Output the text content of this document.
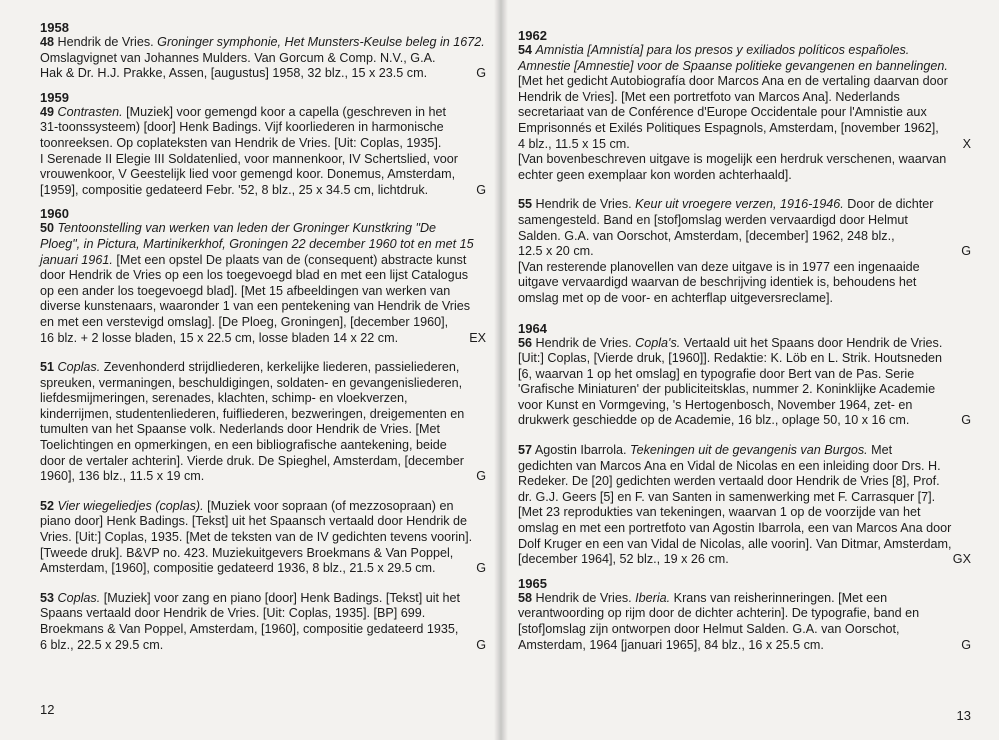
1958

48 Hendrik de Vries. Groninger symphonie, Het Munsters-Keulse beleg in 1672. Omslagvignet van Johannes Mulders. Van Gorcum & Comp. N.V., G.A.
Hak & Dr. H.J. Prakke, Assen, [augustus] 1958, 32 blz., 15 x 23.5 cm.	G

1959

49 Contrasten. [Muziek] voor gemengd koor a capella (geschreven in het
31-toonssysteem) [door] Henk Badings. Vijf koorliederen in harmonische
toonreeksen. Op coplateksten van Hendrik de Vries. [Uit: Coplas, 1935].
I Serenade II Elegie III Soldatenlied, voor mannenkoor, IV Schertslied, voor
vrouwenkoor, V Geestelijk lied voor gemengd koor. Donemus, Amsterdam,
[1959], compositie gedateerd Febr. '52, 8 blz., 25 x 34.5 cm, lichtdruk.	G

1960

50 Tentoonstelling van werken van leden der Groninger Kunstkring "De
Ploeg", in Pictura, Martinikerkhof, Groningen 22 december 1960 tot en met 15
januari 1961. [Met een opstel De plaats van de (consequent) abstracte kunst
door Hendrik de Vries op een los toegevoegd blad en met een lijst Catalogus
op een ander los toegevoegd blad]. [Met 15 afbeeldingen van werken van
diverse kunstenaars, waaronder 1 van een pentekening van Hendrik de Vries
en met een verstevigd omslag]. [De Ploeg, Groningen], [december 1960],
16 blz. + 2 losse bladen, 15 x 22.5 cm, losse bladen 14 x 22 cm.	EX
51 Coplas. Zevenhonderd strijdliederen, kerkelijke liederen, passieliederen,
spreuken, vermaningen, beschuldigingen, soldaten- en gevangenisliederen,
liefdesmijmeringen, serenades, klachten, schimp- en vloekverzen,
kinderrijmen, studentenliederen, fuifliederen, bezweringen, dreigementen en
tumulten van het Spaanse volk. Nederlands door Hendrik de Vries. [Met
Toelichtingen en opmerkingen, en een bibliografische aantekening, beide
door de vertaler achterin]. Vierde druk. De Spieghel, Amsterdam, [december
1960], 136 blz., 11.5 x 19 cm.	G
52 Vier wiegeliedjes (coplas). [Muziek voor sopraan (of mezzosopraan) en
piano door] Henk Badings. [Tekst] uit het Spaansch vertaald door Hendrik de
Vries. [Uit:] Coplas, 1935. [Met de teksten van de IV gedichten tevens voorin].
[Tweede druk]. B&VP no. 423. Muziekuitgevers Broekmans & Van Poppel,
Amsterdam, [1960], compositie gedateerd 1936, 8 blz., 21.5 x 29.5 cm.	G
53 Coplas. [Muziek] voor zang en piano [door] Henk Badings. [Tekst] uit het
Spaans vertaald door Hendrik de Vries. [Uit: Coplas, 1935]. [BP] 699.
Broekmans & Van Poppel, Amsterdam, [1960], compositie gedateerd 1935,
6 blz., 22.5 x 29.5 cm.	G
12

1962

54 Amnistia [Amnistía] para los presos y exiliados políticos españoles.
Amnestie [Amnestie] voor de Spaanse politieke gevangenen en bannelingen.
[Met het gedicht Autobiografía door Marcos Ana en de vertaling daarvan door
Hendrik de Vries]. [Met een portretfoto van Marcos Ana]. Nederlands
secretariaat van de Conférence d'Europe Occidentale pour l'Amnistie aux
Emprisonnés et Exilés Politiques Espagnols, Amsterdam, [november 1962],
4 blz., 11.5 x 15 cm.	X
[Van bovenbeschreven uitgave is mogelijk een herdruk verschenen, waarvan
echter geen exemplaar kon worden achterhaald].
55 Hendrik de Vries. Keur uit vroegere verzen, 1916-1946. Door de dichter
samengesteld. Band en [stof]omslag werden vervaardigd door Helmut
Salden. G.A. van Oorschot, Amsterdam, [december] 1962, 248 blz.,
12.5 x 20 cm.	G
[Van resterende planovellen van deze uitgave is in 1977 een ingenaaide
uitgave vervaardigd waarvan de beschrijving identiek is, behoudens het
omslag met op de voor- en achterflap uitgeversreclame].

1964

56 Hendrik de Vries. Copla's. Vertaald uit het Spaans door Hendrik de Vries.
[Uit:] Coplas, [Vierde druk, [1960]]. Redaktie: K. Löb en L. Strik. Houtsneden
[6, waarvan 1 op het omslag] en typografie door Bert van de Pas. Serie
'Grafische Miniaturen' der publiciteitsklas, nummer 2. Koninklijke Academie
voor Kunst en Vormgeving, 's Hertogenbosch, November 1964, zet- en
drukwerk geschiedde op de Academie, 16 blz., oplage 50, 10 x 16 cm.	G
57 Agostin Ibarrola. Tekeningen uit de gevangenis van Burgos. Met
gedichten van Marcos Ana en Vidal de Nicolas en een inleiding door Drs. H.
Redeker. De [20] gedichten werden vertaald door Hendrik de Vries [8], Prof.
dr. G.J. Geers [5] en F. van Santen in samenwerking met F. Carrasquer [7].
[Met 23 reprodukties van tekeningen, waarvan 1 op de voorzijde van het
omslag en met een portretfoto van Agostin Ibarrola, een van Marcos Ana door
Dolf Kruger en een van Vidal de Nicolas, alle voorin]. Van Ditmar, Amsterdam,
[december 1964], 52 blz., 19 x 26 cm.	GX

1965

58 Hendrik de Vries. Iberia. Krans van reisherinneringen. [Met een
verantwoording op rijm door de dichter achterin]. De typografie, band en
[stof]omslag zijn ontworpen door Helmut Salden. G.A. van Oorschot,
Amsterdam, 1964 [januari 1965], 84 blz., 16 x 25.5 cm.	G
13
